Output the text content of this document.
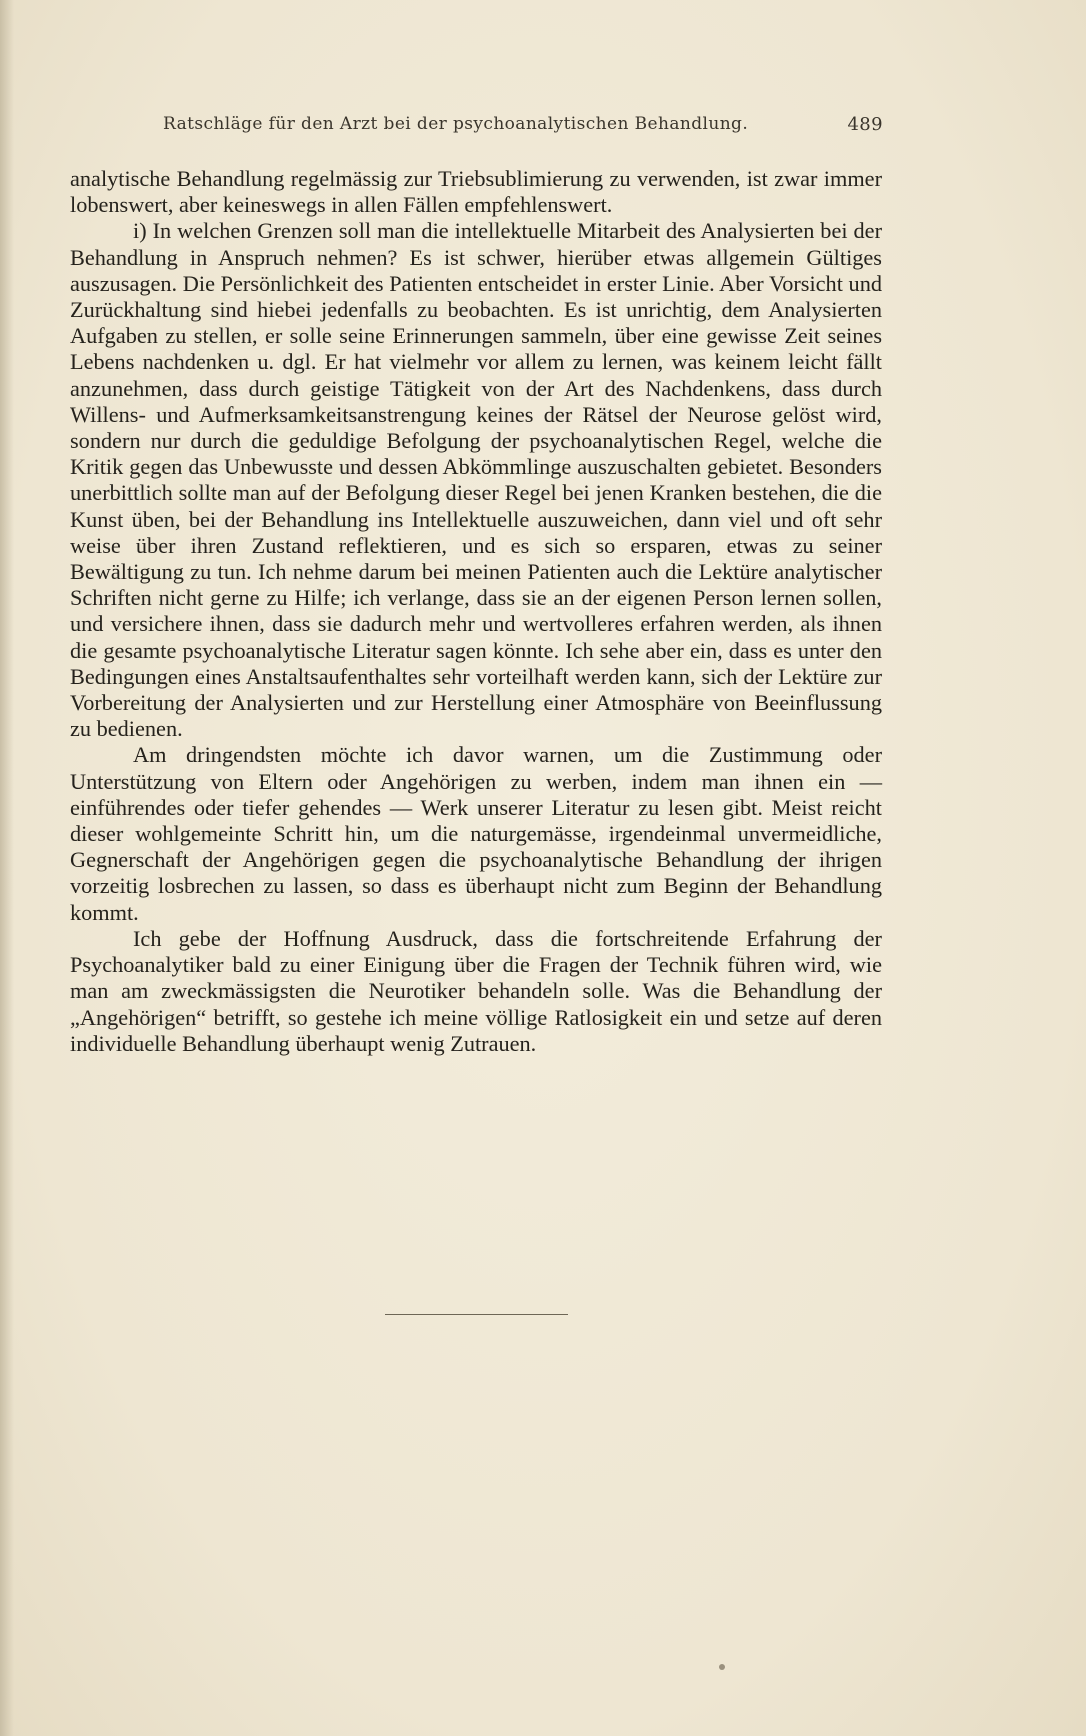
Ratschläge für den Arzt bei der psychoanalytischen Behandlung.	489

analytische Behandlung regelmässig zur Triebsublimierung zu verwenden, ist zwar immer lobenswert, aber keineswegs in allen Fällen empfehlenswert.

i) In welchen Grenzen soll man die intellektuelle Mitarbeit des Analysierten bei der Behandlung in Anspruch nehmen? Es ist schwer, hierüber etwas allgemein Gültiges auszusagen. Die Persönlichkeit des Patienten entscheidet in erster Linie. Aber Vorsicht und Zurückhaltung sind hiebei jedenfalls zu beobachten. Es ist unrichtig, dem Analysierten Aufgaben zu stellen, er solle seine Erinnerungen sammeln, über eine gewisse Zeit seines Lebens nachdenken u. dgl. Er hat vielmehr vor allem zu lernen, was keinem leicht fällt anzunehmen, dass durch geistige Tätigkeit von der Art des Nachdenkens, dass durch Willens- und Aufmerksamkeitsanstrengung keines der Rätsel der Neurose gelöst wird, sondern nur durch die geduldige Befolgung der psychoanalytischen Regel, welche die Kritik gegen das Unbewusste und dessen Abkömmlinge auszuschalten gebietet. Besonders unerbittlich sollte man auf der Befolgung dieser Regel bei jenen Kranken bestehen, die die Kunst üben, bei der Behandlung ins Intellektuelle auszuweichen, dann viel und oft sehr weise über ihren Zustand reflektieren, und es sich so ersparen, etwas zu seiner Bewältigung zu tun. Ich nehme darum bei meinen Patienten auch die Lektüre analytischer Schriften nicht gerne zu Hilfe; ich verlange, dass sie an der eigenen Person lernen sollen, und versichere ihnen, dass sie dadurch mehr und wertvolleres erfahren werden, als ihnen die gesamte psychoanalytische Literatur sagen könnte. Ich sehe aber ein, dass es unter den Bedingungen eines Anstaltsaufenthaltes sehr vorteilhaft werden kann, sich der Lektüre zur Vorbereitung der Analysierten und zur Herstellung einer Atmosphäre von Beeinflussung zu bedienen.

Am dringendsten möchte ich davor warnen, um die Zustimmung oder Unterstützung von Eltern oder Angehörigen zu werben, indem man ihnen ein — einführendes oder tiefer gehendes — Werk unserer Literatur zu lesen gibt. Meist reicht dieser wohlgemeinte Schritt hin, um die naturgemässe, irgendeinmal unvermeidliche, Gegnerschaft der Angehörigen gegen die psychoanalytische Behandlung der ihrigen vorzeitig losbrechen zu lassen, so dass es überhaupt nicht zum Beginn der Behandlung kommt.

Ich gebe der Hoffnung Ausdruck, dass die fortschreitende Erfahrung der Psychoanalytiker bald zu einer Einigung über die Fragen der Technik führen wird, wie man am zweckmässigsten die Neurotiker behandeln solle. Was die Behandlung der „Angehörigen“ betrifft, so gestehe ich meine völlige Ratlosigkeit ein und setze auf deren individuelle Behandlung überhaupt wenig Zutrauen.
